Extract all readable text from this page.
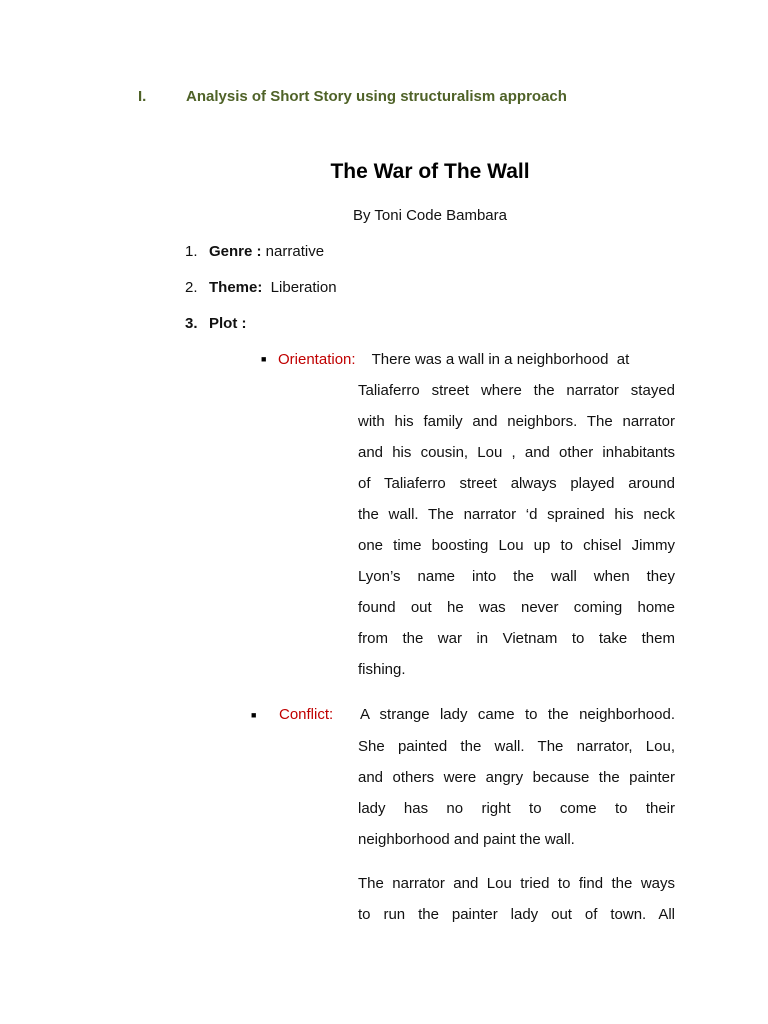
I.	Analysis of Short Story using structuralism approach
The War of The Wall
By Toni Code Bambara
1. Genre : narrative
2. Theme:  Liberation
3. Plot :
■ Orientation: There was a wall in a neighborhood  at
Taliaferro street where the narrator stayed
with his family and neighbors. The narrator
and his cousin, Lou , and other inhabitants
of Taliaferro street always played around
the wall. The narrator ‘d sprained his neck
one time boosting Lou up to chisel Jimmy
Lyon’s name into the wall when they
found out he was never coming home
from the war in Vietnam to take them
fishing.
■ Conflict: A strange lady came to the neighborhood.
She painted the wall. The narrator, Lou,
and others were angry because the painter
lady has no right to come to their
neighborhood and paint the wall.
The narrator and Lou tried to find the ways
to run the painter lady out of town. All
